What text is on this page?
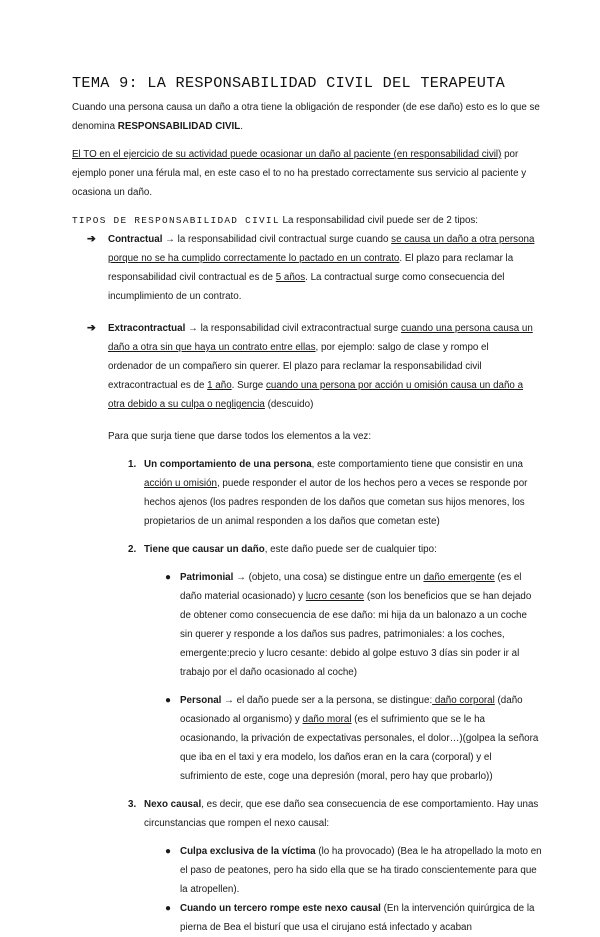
TEMA 9: LA RESPONSABILIDAD CIVIL DEL TERAPEUTA

Cuando una persona causa un daño a otra tiene la obligación de responder (de ese daño) esto es lo que se denomina RESPONSABILIDAD CIVIL.

El TO en el ejercicio de su actividad puede ocasionar un daño al paciente (en responsabilidad civil) por ejemplo poner una férula mal, en este caso el to no ha prestado correctamente sus servicio al paciente y ocasiona un daño.

TIPOS DE RESPONSABILIDAD CIVIL La responsabilidad civil puede ser de 2 tipos:

➔ Contractual → la responsabilidad civil contractual surge cuando se causa un daño a otra persona porque no se ha cumplido correctamente lo pactado en un contrato. El plazo para reclamar la responsabilidad civil contractual es de 5 años. La contractual surge como consecuencia del incumplimiento de un contrato.

➔ Extracontractual → la responsabilidad civil extracontractual surge cuando una persona causa un daño a otra sin que haya un contrato entre ellas, por ejemplo: salgo de clase y rompo el ordenador de un compañero sin querer. El plazo para reclamar la responsabilidad civil extracontractual es de 1 año. Surge cuando una persona por acción u omisión causa un daño a otra debido a su culpa o negligencia (descuido)

Para que surja tiene que darse todos los elementos a la vez:

1. Un comportamiento de una persona, este comportamiento tiene que consistir en una acción u omisión, puede responder el autor de los hechos pero a veces se responde por hechos ajenos (los padres responden de los daños que cometan sus hijos menores, los propietarios de un animal responden a los daños que cometan este)

2. Tiene que causar un daño, este daño puede ser de cualquier tipo:

● Patrimonial → (objeto, una cosa) se distingue entre un daño emergente (es el daño material ocasionado) y lucro cesante (son los beneficios que se han dejado de obtener como consecuencia de ese daño: mi hija da un balonazo a un coche sin querer y responde a los daños sus padres, patrimoniales: a los coches, emergente:precio y lucro cesante: debido al golpe estuvo 3 días sin poder ir al trabajo por el daño ocasionado al coche)

● Personal → el daño puede ser a la persona, se distingue: daño corporal (daño ocasionado al organismo) y daño moral (es el sufrimiento que se le ha ocasionando, la privación de expectativas personales, el dolor…)(golpea la señora que iba en el taxi y era modelo, los daños eran en la cara (corporal) y el sufrimiento de este, coge una depresión (moral, pero hay que probarlo))

3. Nexo causal, es decir, que ese daño sea consecuencia de ese comportamiento. Hay unas circunstancias que rompen el nexo causal:

● Culpa exclusiva de la víctima (lo ha provocado) (Bea le ha atropellado la moto en el paso de peatones, pero ha sido ella que se ha tirado conscientemente para que la atropellen).

● Cuando un tercero rompe este nexo causal (En la intervención quirúrgica de la pierna de Bea el bisturí que usa el cirujano está infectado y acaban
